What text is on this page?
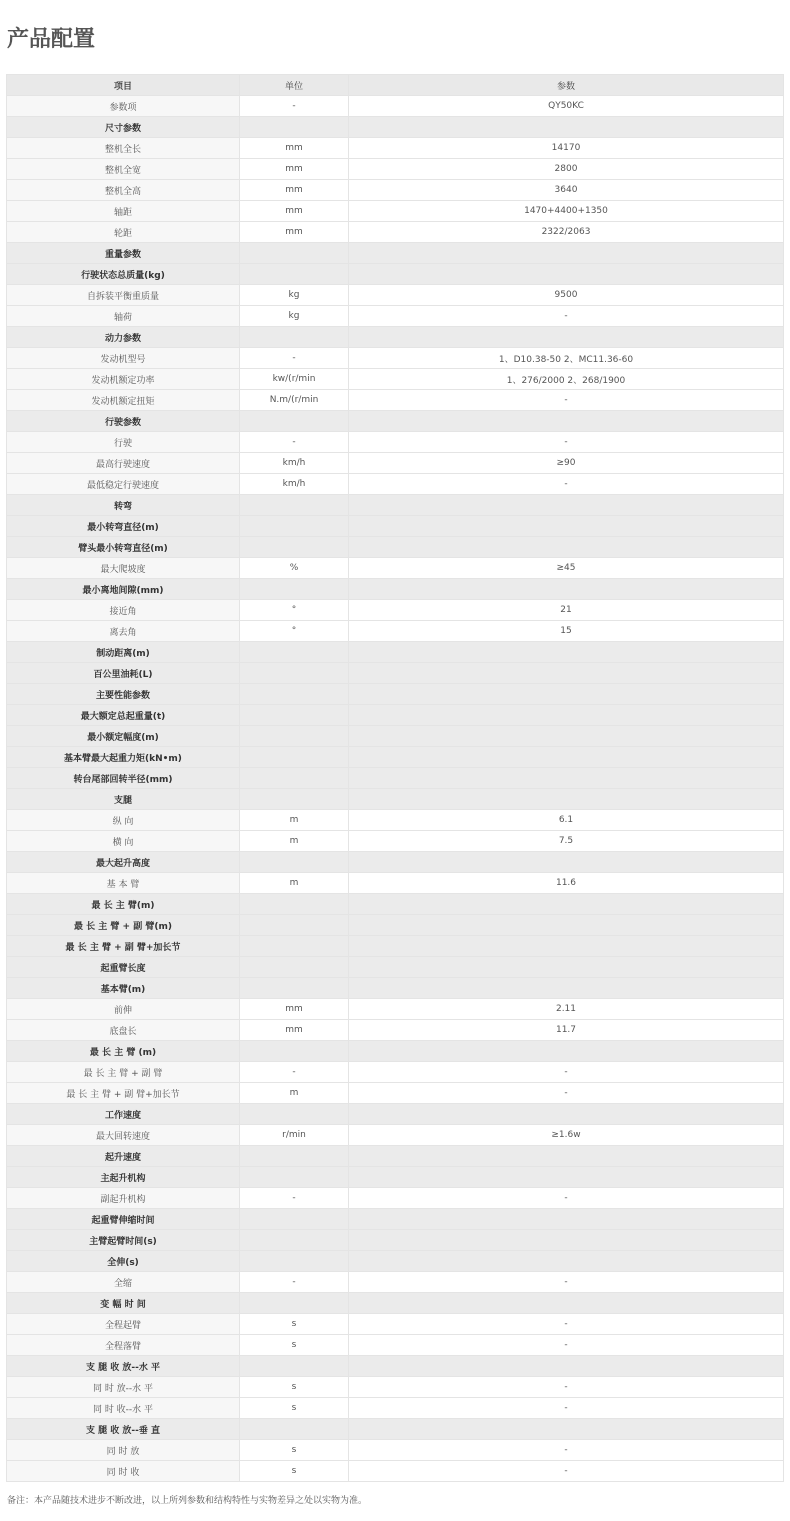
产品配置
项目	单位	参数
参数项	-	QY50KC
尺寸参数		
整机全长	mm	14170
整机全宽	mm	2800
整机全高	mm	3640
轴距	mm	1470+4400+1350
轮距	mm	2322/2063
重量参数		
行驶状态总质量(kg)		
自拆装平衡重质量	kg	9500
轴荷	kg	-
动力参数		
发动机型号	-	1、D10.38-50 2、MC11.36-60
发动机额定功率	kw/(r/min	1、276/2000 2、268/1900
发动机额定扭矩	N.m/(r/min	-
行驶参数		
行驶	-	-
最高行驶速度	km/h	≥90
最低稳定行驶速度	km/h	-
转弯		
最小转弯直径(m)		
臂头最小转弯直径(m)		
最大爬坡度	%	≥45
最小离地间隙(mm)		
接近角	°	21
离去角	°	15
制动距离(m)		
百公里油耗(L)		
主要性能参数		
最大额定总起重量(t)		
最小额定幅度(m)		
基本臂最大起重力矩(kN•m)		
转台尾部回转半径(mm)		
支腿		
纵 向	m	6.1
横 向	m	7.5
最大起升高度		
基 本 臂	m	11.6
最 长 主 臂(m)		
最 长 主 臂 + 副 臂(m)		
最 长 主 臂 + 副 臂+加长节		
起重臂长度		
基本臂(m)		
前伸	mm	2.11
底盘长	mm	11.7
最 长 主 臂 (m)		
最 长 主 臂 + 副 臂	-	-
最 长 主 臂 + 副 臂+加长节	m	-
工作速度		
最大回转速度	r/min	≥1.6w
起升速度		
主起升机构		
副起升机构	-	-
起重臂伸缩时间		
主臂起臂时间(s)		
全伸(s)		
全缩	-	-
变 幅 时 间		
全程起臂	s	-
全程落臂	s	-
支 腿 收 放--水 平		
同 时 放--水 平	s	-
同 时 收--水 平	s	-
支 腿 收 放--垂 直		
同 时 放	s	-
同 时 收	s	-

备注：本产品随技术进步不断改进，以上所列参数和结构特性与实物差异之处以实物为准。
